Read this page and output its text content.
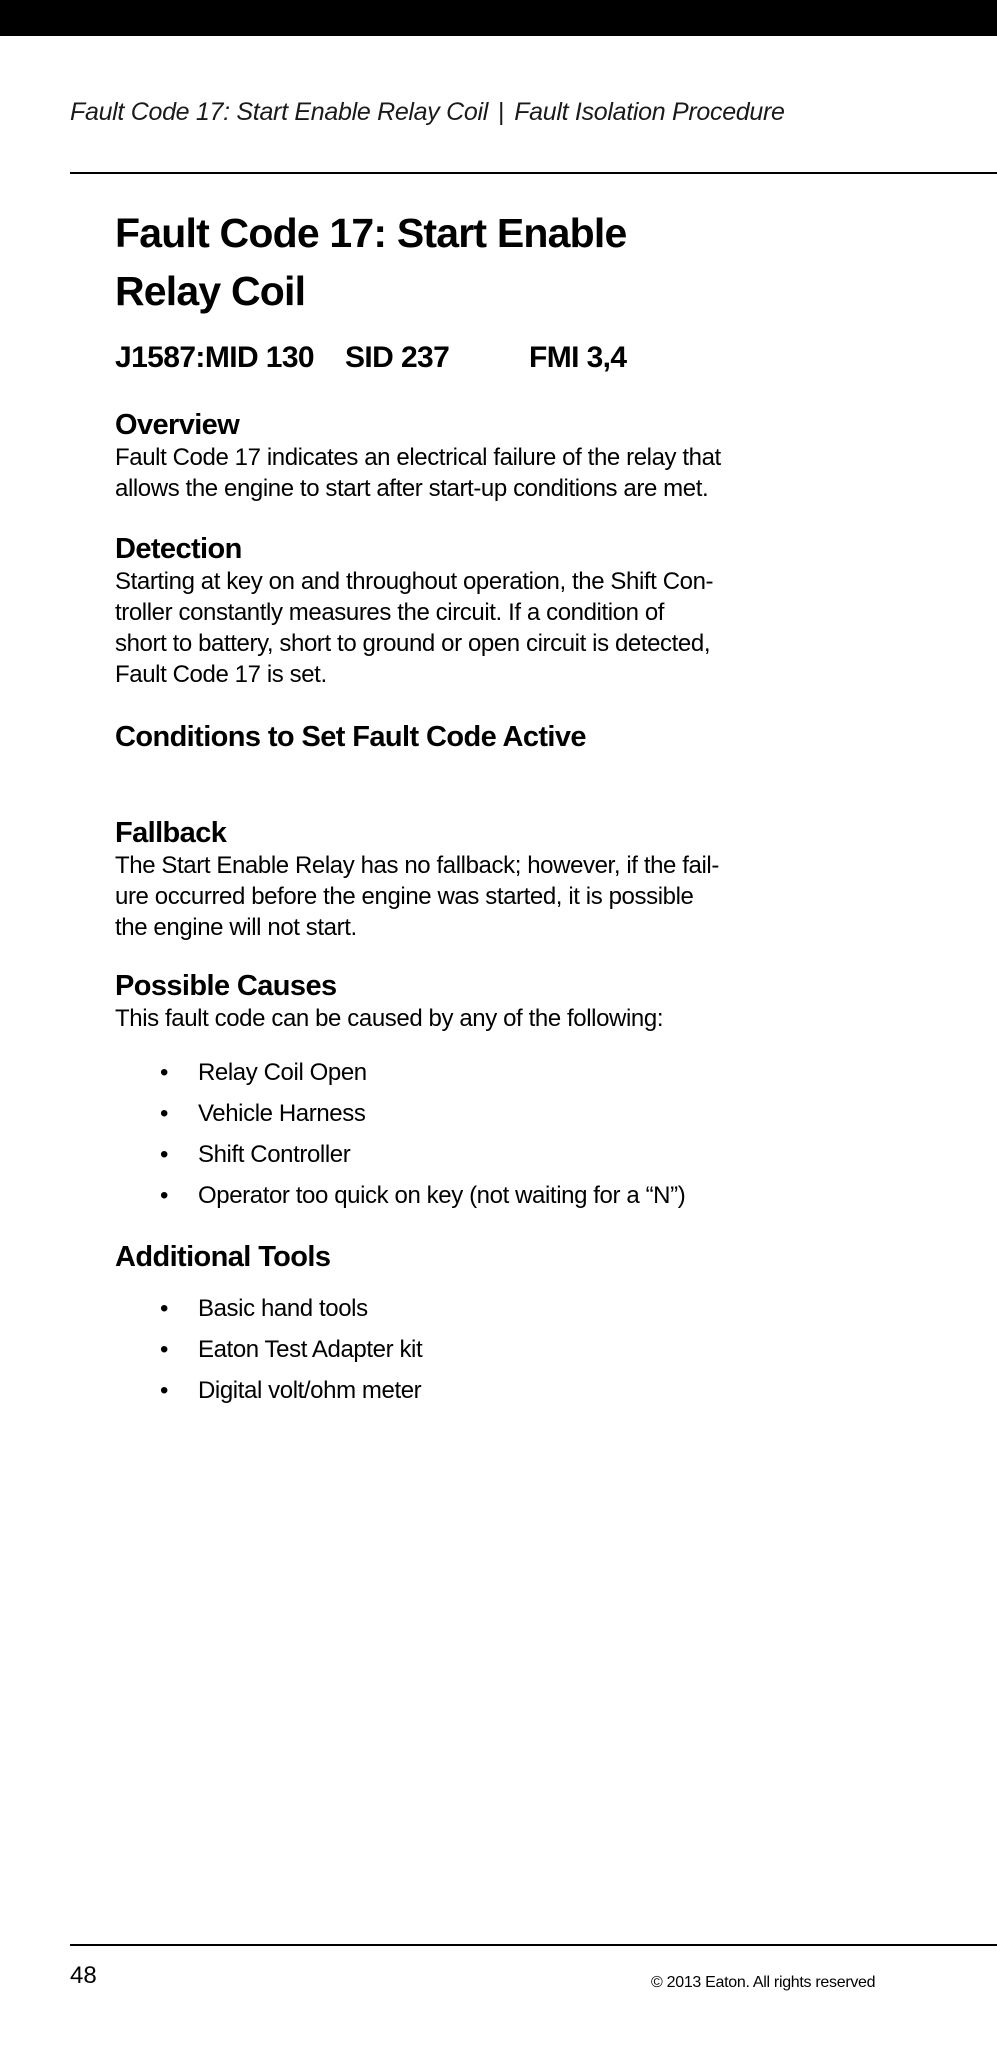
Fault Code 17: Start Enable Relay Coil | Fault Isolation Procedure
Fault Code 17: Start Enable Relay Coil
J1587:MID 130	SID 237	FMI 3,4
Overview

Fault Code 17 indicates an electrical failure of the relay that

allows the engine to start after start-up conditions are met.

Detection

Starting at key on and throughout operation, the Shift Con-

troller constantly measures the circuit. If a condition of

short to battery, short to ground or open circuit is detected,

Fault Code 17 is set.

Conditions to Set Fault Code Active
Fallback

The Start Enable Relay has no fallback; however, if the fail-

ure occurred before the engine was started, it is possible

the engine will not start.

Possible Causes

This fault code can be caused by any of the following:

• Relay Coil Open
• Vehicle Harness
• Shift Controller
• Operator too quick on key (not waiting for a “N”)
Additional Tools
• Basic hand tools
• Eaton Test Adapter kit
• Digital volt/ohm meter
48	© 2013 Eaton. All rights reserved
